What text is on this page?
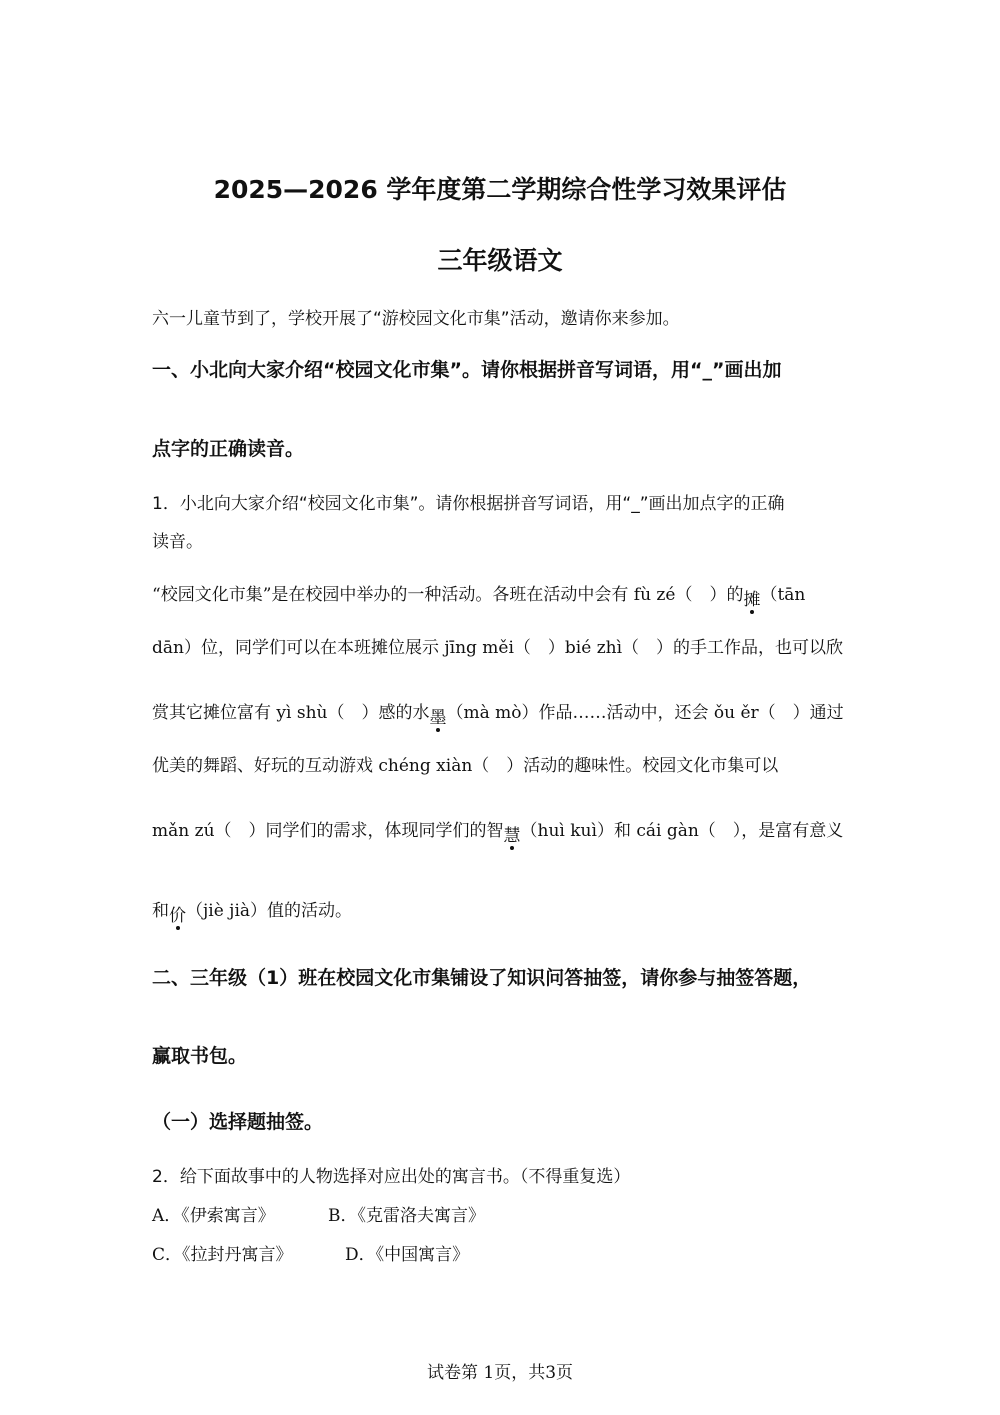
2025—2026 学年度第二学期综合性学习效果评估
三年级语文
六一儿童节到了，学校开展了“游校园文化市集”活动，邀请你来参加。
一、小北向大家介绍“校园文化市集”。请你根据拼音写词语，用“_”画出加
点字的正确读音。
1．小北向大家介绍“校园文化市集”。请你根据拼音写词语，用“_”画出加点字的正确
读音。
“校园文化市集”是在校园中举办的一种活动。各班在活动中会有 fù zé（　）的摊（tān
dān）位，同学们可以在本班摊位展示 jīng měi（　）bié zhì（　）的手工作品，也可以欣
赏其它摊位富有 yì shù（　）感的水墨（mà mò）作品……活动中，还会 ǒu ěr（　）通过
优美的舞蹈、好玩的互动游戏 chéng xiàn（　）活动的趣味性。校园文化市集可以
mǎn zú（　）同学们的需求，体现同学们的智慧（huì kuì）和 cái gàn（　），是富有意义
和价（jiè jià）值的活动。
二、三年级（1）班在校园文化市集铺设了知识问答抽签，请你参与抽签答题，
赢取书包。
（一）选择题抽签。
2．给下面故事中的人物选择对应出处的寓言书。（不得重复选）
A．《伊索寓言》	B．《克雷洛夫寓言》
C．《拉封丹寓言》	D．《中国寓言》
试卷第 1页，共3页
